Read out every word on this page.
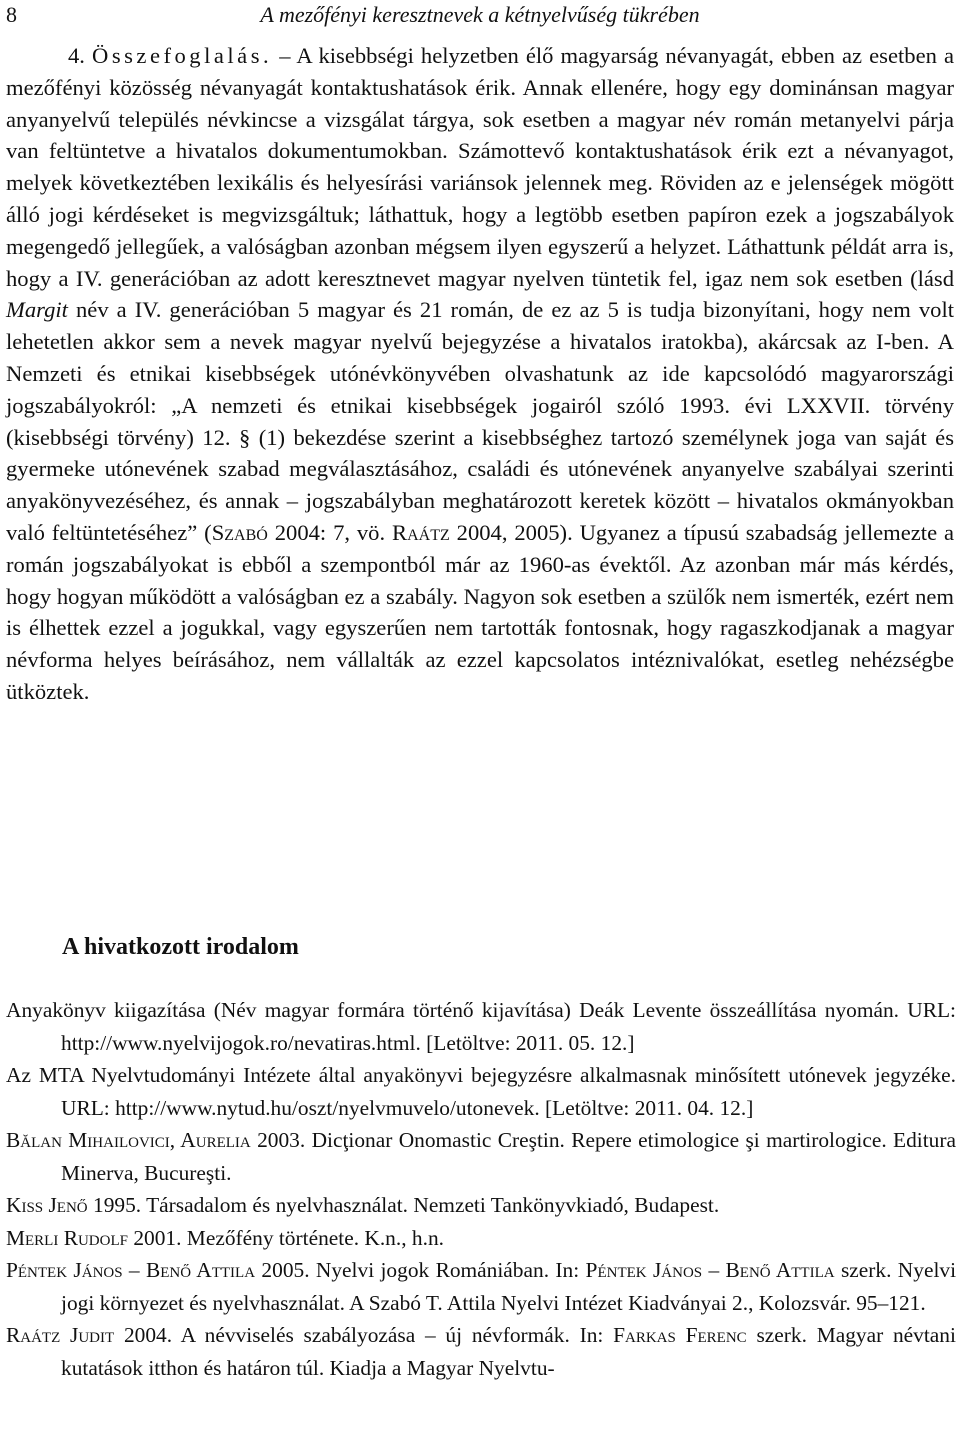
8	A mezőfényi keresztnevek a kétnyelvűség tükrében

4. Összefoglalás. – A kisebbségi helyzetben élő magyarság névanyagát, ebben az esetben a mezőfényi közösség névanyagát kontaktushatások érik. Annak ellenére, hogy egy dominánsan magyar anyanyelvű település névkincse a vizsgálat tárgya, sok esetben a magyar név román metanyelvi párja van feltüntetve a hivatalos dokumentumokban. Számottevő kontaktushatások érik ezt a névanyagot, melyek következtében lexikális és helyesírási variánsok jelennek meg. Röviden az e jelenségek mögött álló jogi kérdéseket is megvizsgáltuk; láthattuk, hogy a legtöbb esetben papíron ezek a jogszabályok megengedő jellegűek, a valóságban azonban mégsem ilyen egyszerű a helyzet. Láthattunk példát arra is, hogy a IV. generációban az adott keresztnevet magyar nyelven tüntetik fel, igaz nem sok esetben (lásd Margit név a IV. generációban 5 magyar és 21 román, de ez az 5 is tudja bizonyítani, hogy nem volt lehetetlen akkor sem a nevek magyar nyelvű bejegyzése a hivatalos iratokba), akárcsak az I-ben. A Nemzeti és etnikai kisebbségek utónévkönyvében olvashatunk az ide kapcsolódó magyarországi jogszabályokról: „A nemzeti és etnikai kisebbségek jogairól szóló 1993. évi LXXVII. törvény (kisebbségi törvény) 12. § (1) bekezdése szerint a kisebbséghez tartozó személynek joga van saját és gyermeke utónevének szabad megválasztásához, családi és utónevének anyanyelve szabályai szerinti anyakönyvezéséhez, és annak – jogszabályban meghatározott keretek között – hivatalos okmányokban való feltüntetéséhez” (Szabó 2004: 7, vö. Raátz 2004, 2005). Ugyanez a típusú szabadság jellemezte a román jogszabályokat is ebből a szempontból már az 1960-as évektől. Az azonban már más kérdés, hogy hogyan működött a valóságban ez a szabály. Nagyon sok esetben a szülők nem ismerték, ezért nem is élhettek ezzel a jogukkal, vagy egyszerűen nem tartották fontosnak, hogy ragaszkodjanak a magyar névforma helyes beírásához, nem vállalták az ezzel kapcsolatos intéznivalókat, esetleg nehézségbe ütköztek.

A hivatkozott irodalom
Anyakönyv kiigazítása (Név magyar formára történő kijavítása) Deák Levente összeállítása nyomán. URL: http://www.nyelvijogok.ro/nevatiras.html. [Letöltve: 2011. 05. 12.]
Az MTA Nyelvtudományi Intézete által anyakönyvi bejegyzésre alkalmasnak minősített utónevek jegyzéke. URL: http://www.nytud.hu/oszt/nyelvmuvelo/utonevek. [Letöltve: 2011. 04. 12.]
Bălan Mihailovici, Aurelia 2003. Dicţionar Onomastic Creştin. Repere etimologice şi martirologice. Editura Minerva, Bucureşti.
Kiss Jenő 1995. Társadalom és nyelvhasználat. Nemzeti Tankönyvkiadó, Budapest.
Merli Rudolf 2001. Mezőfény története. K.n., h.n.
Péntek János – Benő Attila 2005. Nyelvi jogok Romániában. In: Péntek János – Benő Attila szerk. Nyelvi jogi környezet és nyelvhasználat. A Szabó T. Attila Nyelvi Intézet Kiadványai 2., Kolozsvár. 95–121.
Raátz Judit 2004. A névviselés szabályozása – új névformák. In: Farkas Ferenc szerk. Magyar névtani kutatások itthon és határon túl. Kiadja a Magyar Nyelvtu-
